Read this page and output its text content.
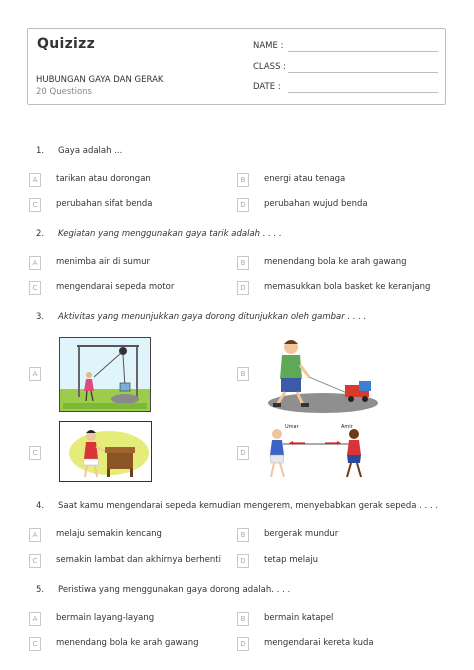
Quizizz
HUBUNGAN GAYA DAN GERAK
20 Questions
NAME :
CLASS :
DATE :
1. Gaya adalah ...
A	tarikan atau dorongan	B	energi atau tenaga
C	perubahan sifat benda	D	perubahan wujud benda
2. Kegiatan yang menggunakan gaya tarik adalah . . . .
A	menimba air di sumur	B	menendang bola ke arah gawang
C	mengendarai sepeda motor	D	memasukkan bola basket ke keranjang
3. Aktivitas yang menunjukkan gaya dorong ditunjukkan oleh gambar . . . .
A	B
C	D
Umar	Amir
4. Saat kamu mengendarai sepeda kemudian mengerem, menyebabkan gerak sepeda . . . .
A	melaju semakin kencang	B	bergerak mundur
C	semakin lambat dan akhirnya berhenti	D	tetap melaju
5. Peristiwa yang menggunakan gaya dorong adalah. . . .
A	bermain layang-layang	B	bermain katapel
C	menendang bola ke arah gawang	D	mengendarai kereta kuda
